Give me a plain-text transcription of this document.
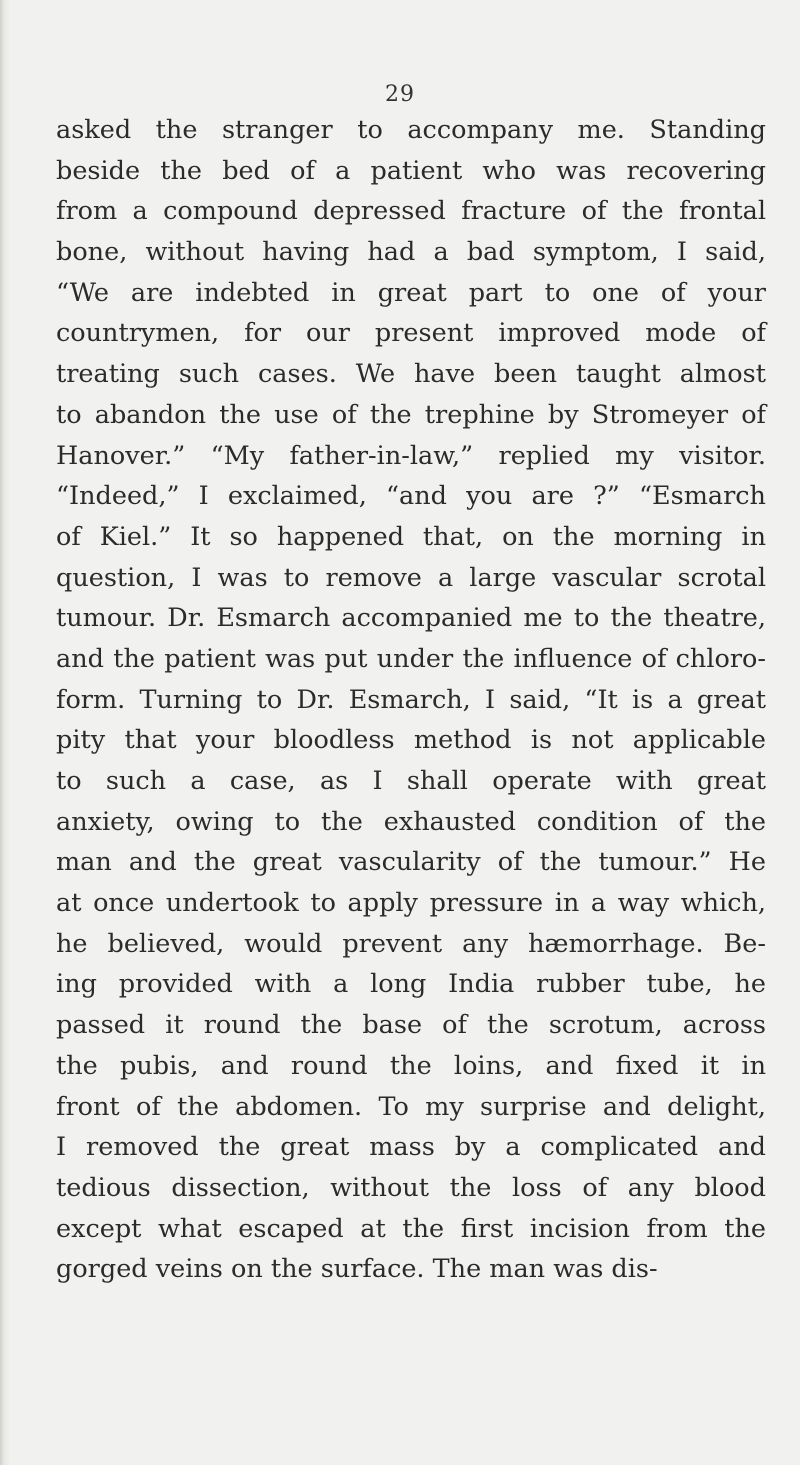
29
asked the stranger to accompany me. Standing
beside the bed of a patient who was recovering
from a compound depressed fracture of the frontal
bone, without having had a bad symptom, I said,
“We are indebted in great part to one of your
countrymen, for our present improved mode of
treating such cases. We have been taught almost
to abandon the use of the trephine by Stromeyer of
Hanover.” “My father-in-law,” replied my visitor.
“Indeed,” I exclaimed, “and you are ?” “Esmarch
of Kiel.” It so happened that, on the morning in
question, I was to remove a large vascular scrotal
tumour. Dr. Esmarch accompanied me to the theatre,
and the patient was put under the influence of chloro-
form. Turning to Dr. Esmarch, I said, “It is a great
pity that your bloodless method is not applicable
to such a case, as I shall operate with great
anxiety, owing to the exhausted condition of the
man and the great vascularity of the tumour.” He
at once undertook to apply pressure in a way which,
he believed, would prevent any hæmorrhage. Be-
ing provided with a long India rubber tube, he
passed it round the base of the scrotum, across
the pubis, and round the loins, and fixed it in
front of the abdomen. To my surprise and delight,
I removed the great mass by a complicated and
tedious dissection, without the loss of any blood
except what escaped at the first incision from the
gorged veins on the surface. The man was dis-
